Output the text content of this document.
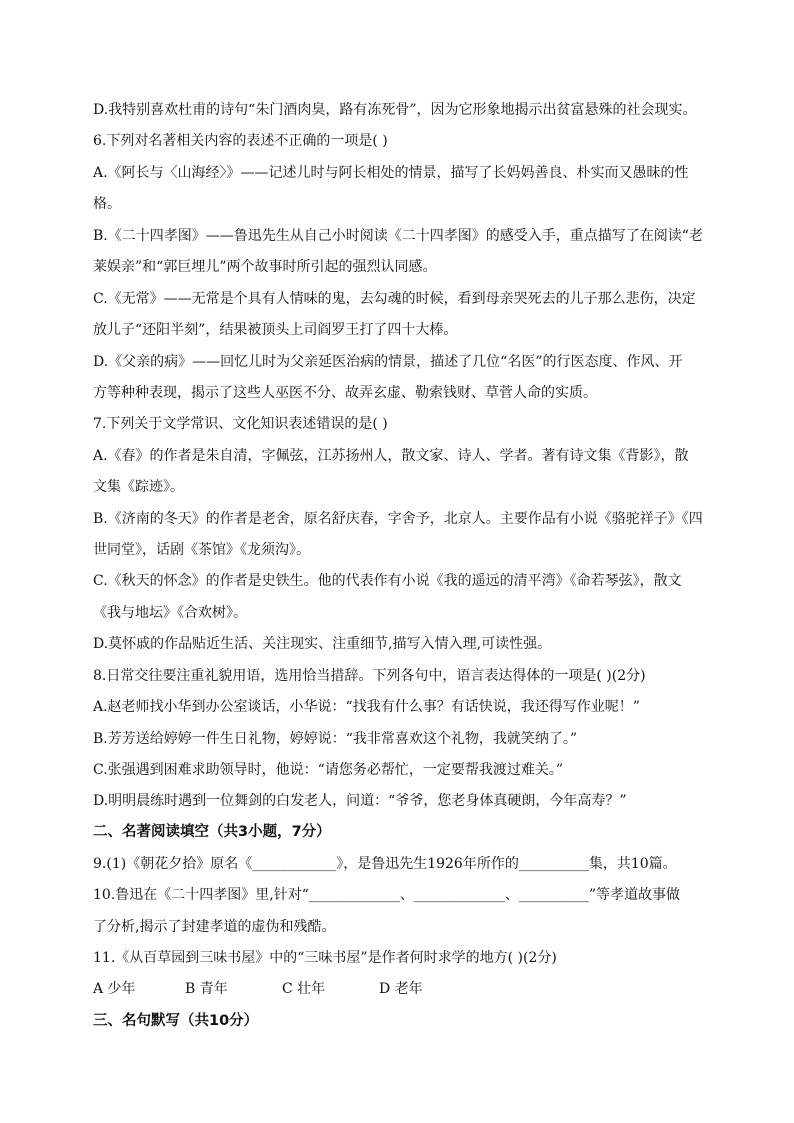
D.我特别喜欢杜甫的诗句“朱门酒肉臭，路有冻死骨”，因为它形象地揭示出贫富悬殊的社会现实。
6.下列对名著相关内容的表述不正确的一项是( )
A.《阿长与〈山海经〉》——记述儿时与阿长相处的情景，描写了长妈妈善良、朴实而又愚昧的性
格。
B.《二十四孝图》——鲁迅先生从自己小时阅读《二十四孝图》的感受入手，重点描写了在阅读“老
莱娱亲”和“郭巨埋儿”两个故事时所引起的强烈认同感。
C.《无常》——无常是个具有人情味的鬼，去勾魂的时候，看到母亲哭死去的儿子那么悲伤，决定
放儿子“还阳半刻”，结果被顶头上司阎罗王打了四十大棒。
D.《父亲的病》——回忆儿时为父亲延医治病的情景，描述了几位“名医”的行医态度、作风、开
方等种种表现，揭示了这些人巫医不分、故弄玄虚、勒索钱财、草菅人命的实质。
7.下列关于文学常识、文化知识表述错误的是( )
A.《春》的作者是朱自清，字佩弦，江苏扬州人，散文家、诗人、学者。著有诗文集《背影》，散
文集《踪迹》。
B.《济南的冬天》的作者是老舍，原名舒庆春，字舍予，北京人。主要作品有小说《骆驼祥子》《四
世同堂》，话剧《茶馆》《龙须沟》。
C.《秋天的怀念》的作者是史铁生。他的代表作有小说《我的遥远的清平湾》《命若琴弦》，散文
《我与地坛》《合欢树》。
D.莫怀戚的作品贴近生活、关注现实、注重细节,描写入情入理,可读性强。
8.日常交往要注重礼貌用语，选用恰当措辞。下列各句中，语言表达得体的一项是( )(2分)
A.赵老师找小华到办公室谈话，小华说：“找我有什么事？有话快说，我还得写作业呢！”
B.芳芳送给婷婷一件生日礼物，婷婷说：“我非常喜欢这个礼物，我就笑纳了。”
C.张强遇到困难求助领导时，他说：“请您务必帮忙，一定要帮我渡过难关。”
D.明明晨练时遇到一位舞剑的白发老人，问道：“爷爷，您老身体真硬朗，今年高寿？”
二、名著阅读填空（共3小题，7分）
9.(1)《朝花夕拾》原名《____________》，是鲁迅先生1926年所作的__________集，共10篇。
10.鲁迅在《二十四孝图》里,针对“_____________、_____________、__________”等孝道故事做
了分析,揭示了封建孝道的虚伪和残酷。
11.《从百草园到三味书屋》中的“三味书屋”是作者何时求学的地方( )(2分)
A 少年	B 青年	C 壮年	D 老年
三、名句默写（共10分）
